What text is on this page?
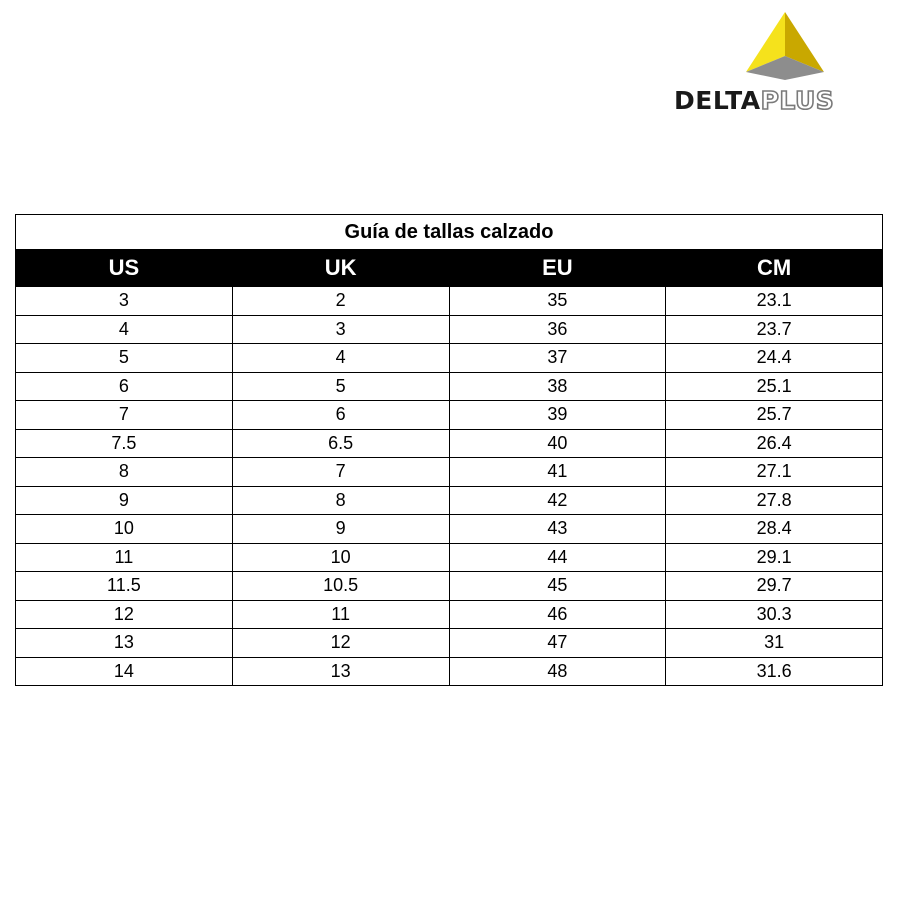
DELTAPLUS
Guía de tallas calzado			
US	UK	EU	CM
3	2	35	23.1
4	3	36	23.7
5	4	37	24.4
6	5	38	25.1
7	6	39	25.7
7.5	6.5	40	26.4
8	7	41	27.1
9	8	42	27.8
10	9	43	28.4
11	10	44	29.1
11.5	10.5	45	29.7
12	11	46	30.3
13	12	47	31
14	13	48	31.6
